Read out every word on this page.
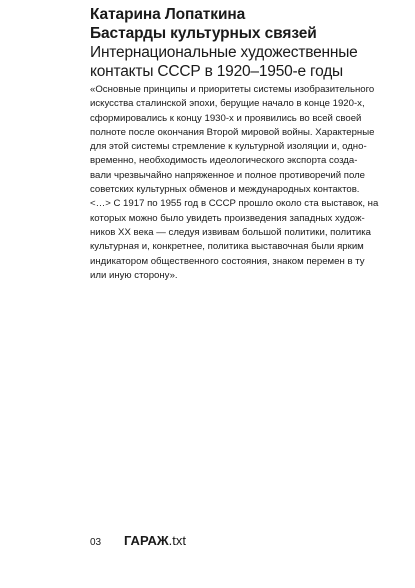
Катарина Лопаткина
Бастарды культурных связей
Интернациональные художественные
контакты СССР в 1920–1950-е годы
«Основные принципы и приоритеты системы изобразительного
искусства сталинской эпохи, берущие начало в конце 1920-х,
сформировались к концу 1930-х и проявились во всей своей
полноте после окончания Второй мировой войны. Характерные
для этой системы стремление к культурной изоляции и, одно-
временно, необходимость идеологического экспорта созда-
вали чрезвычайно напряженное и полное противоречий поле
советских культурных обменов и международных контактов.
<…> С 1917 по 1955 год в СССР прошло около ста выставок, на
которых можно было увидеть произведения западных худож-
ников XX века — следуя извивам большой политики, политика
культурная и, конкретнее, политика выставочная были ярким
индикатором общественного состояния, знаком перемен в ту
или иную сторону».
03	ГАРАЖ.txt
